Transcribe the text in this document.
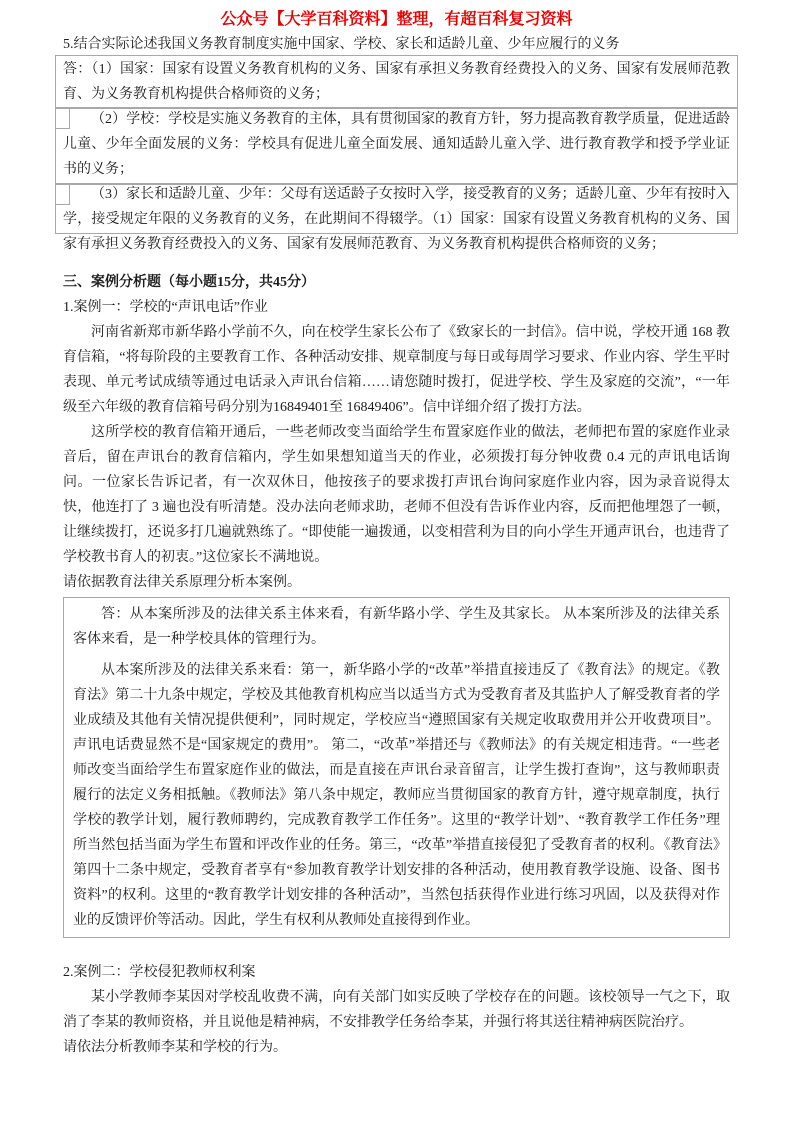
公众号【大学百科资料】整理，有超百科复习资料

5.结合实际论述我国义务教育制度实施中国家、学校、家长和适龄儿童、少年应履行的义务

答：（1）国家：国家有设置义务教育机构的义务、国家有承担义务教育经费投入的义务、国家有发展师范教育、为义务教育机构提供合格师资的义务；

（2）学校：学校是实施义务教育的主体，具有贯彻国家的教育方针，努力提高教育教学质量，促进适龄儿童、少年全面发展的义务：学校具有促进儿童全面发展、通知适龄儿童入学、进行教育教学和授予学业证书的义务；

（3）家长和适龄儿童、少年：父母有送适龄子女按时入学，接受教育的义务；适龄儿童、少年有按时入学，接受规定年限的义务教育的义务，在此期间不得辍学。（1）国家：国家有设置义务教育机构的义务、国家有承担义务教育经费投入的义务、国家有发展师范教育、为义务教育机构提供合格师资的义务；

三、案例分析题（每小题15分，共45分）

1.案例一：学校的“声讯电话”作业

河南省新郑市新华路小学前不久，向在校学生家长公布了《致家长的一封信》。信中说，学校开通 168 教育信箱，“将每阶段的主要教育工作、各种活动安排、规章制度与每日或每周学习要求、作业内容、学生平时表现、单元考试成绩等通过电话录入声讯台信箱……请您随时拨打，促进学校、学生及家庭的交流”，“一年级至六年级的教育信箱号码分别为16849401至 16849406”。信中详细介绍了拨打方法。

这所学校的教育信箱开通后，一些老师改变当面给学生布置家庭作业的做法，老师把布置的家庭作业录音后，留在声讯台的教育信箱内，学生如果想知道当天的作业，必须拨打每分钟收费 0.4 元的声讯电话询问。一位家长告诉记者，有一次双休日，他按孩子的要求拨打声讯台询问家庭作业内容，因为录音说得太快，他连打了 3 遍也没有听清楚。没办法向老师求助，老师不但没有告诉作业内容，反而把他埋怨了一顿，让继续拨打，还说多打几遍就熟练了。“即使能一遍拨通，以变相营利为目的向小学生开通声讯台，也违背了学校教书育人的初衷。”这位家长不满地说。

请依据教育法律关系原理分析本案例。

答：从本案所涉及的法律关系主体来看，有新华路小学、学生及其家长。 从本案所涉及的法律关系客体来看，是一种学校具体的管理行为。

从本案所涉及的法律关系来看：第一，新华路小学的“改革”举措直接违反了《教育法》的规定。《教育法》第二十九条中规定，学校及其他教育机构应当以适当方式为受教育者及其监护人了解受教育者的学业成绩及其他有关情况提供便利”，同时规定，学校应当“遵照国家有关规定收取费用并公开收费项目”。声讯电话费显然不是“国家规定的费用”。 第二，“改革”举措还与《教师法》的有关规定相违背。“一些老师改变当面给学生布置家庭作业的做法，而是直接在声讯台录音留言，让学生拨打查询”，这与教师职责履行的法定义务相抵触。《教师法》第八条中规定，教师应当贯彻国家的教育方针，遵守规章制度，执行学校的教学计划，履行教师聘约，完成教育教学工作任务”。这里的“教学计划”、“教育教学工作任务”理所当然包括当面为学生布置和评改作业的任务。第三，“改革”举措直接侵犯了受教育者的权利。《教育法》第四十二条中规定，受教育者享有“参加教育教学计划安排的各种活动，使用教育教学设施、设备、图书资料”的权利。这里的“教育教学计划安排的各种活动”，当然包括获得作业进行练习巩固，以及获得对作业的反馈评价等活动。因此，学生有权利从教师处直接得到作业。

2.案例二：学校侵犯教师权利案

某小学教师李某因对学校乱收费不满，向有关部门如实反映了学校存在的问题。该校领导一气之下，取消了李某的教师资格，并且说他是精神病，不安排教学任务给李某，并强行将其送往精神病医院治疗。

请依法分析教师李某和学校的行为。
